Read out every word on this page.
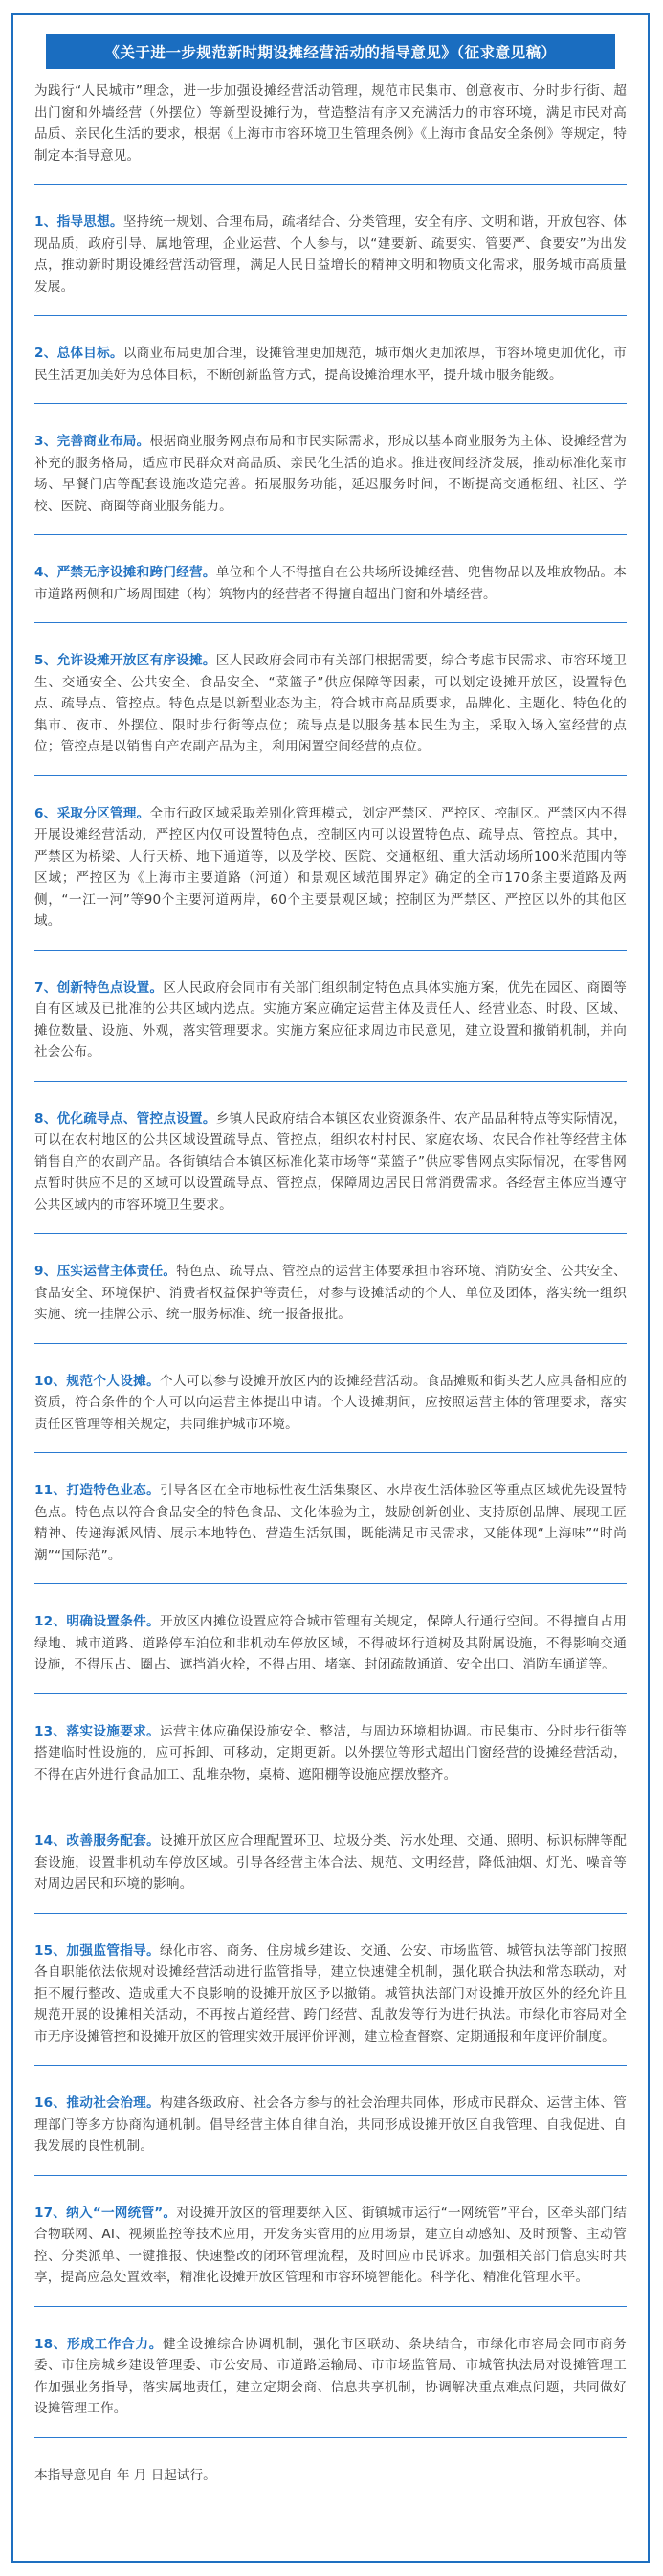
《关于进一步规范新时期设摊经营活动的指导意见》（征求意见稿）

为践行“人民城市”理念，进一步加强设摊经营活动管理，规范市民集市、创意夜市、分时步行街、超出门窗和外墙经营（外摆位）等新型设摊行为，营造整洁有序又充满活力的市容环境，满足市民对高品质、亲民化生活的要求，根据《上海市市容环境卫生管理条例》《上海市食品安全条例》等规定，特制定本指导意见。

1、指导思想。坚持统一规划、合理布局，疏堵结合、分类管理，安全有序、文明和谐，开放包容、体现品质，政府引导、属地管理，企业运营、个人参与，以“建要新、疏要实、管要严、食要安”为出发点，推动新时期设摊经营活动管理，满足人民日益增长的精神文明和物质文化需求，服务城市高质量发展。

2、总体目标。以商业布局更加合理，设摊管理更加规范，城市烟火更加浓厚，市容环境更加优化，市民生活更加美好为总体目标，不断创新监管方式，提高设摊治理水平，提升城市服务能级。

3、完善商业布局。根据商业服务网点布局和市民实际需求，形成以基本商业服务为主体、设摊经营为补充的服务格局，适应市民群众对高品质、亲民化生活的追求。推进夜间经济发展，推动标准化菜市场、早餐门店等配套设施改造完善。拓展服务功能，延迟服务时间，不断提高交通枢纽、社区、学校、医院、商圈等商业服务能力。

4、严禁无序设摊和跨门经营。单位和个人不得擅自在公共场所设摊经营、兜售物品以及堆放物品。本市道路两侧和广场周围建（构）筑物内的经营者不得擅自超出门窗和外墙经营。

5、允许设摊开放区有序设摊。区人民政府会同市有关部门根据需要，综合考虑市民需求、市容环境卫生、交通安全、公共安全、食品安全、“菜篮子”供应保障等因素，可以划定设摊开放区，设置特色点、疏导点、管控点。特色点是以新型业态为主，符合城市高品质要求，品牌化、主题化、特色化的集市、夜市、外摆位、限时步行街等点位；疏导点是以服务基本民生为主，采取入场入室经营的点位；管控点是以销售自产农副产品为主，利用闲置空间经营的点位。

6、采取分区管理。全市行政区域采取差别化管理模式，划定严禁区、严控区、控制区。严禁区内不得开展设摊经营活动，严控区内仅可设置特色点，控制区内可以设置特色点、疏导点、管控点。其中，严禁区为桥梁、人行天桥、地下通道等，以及学校、医院、交通枢纽、重大活动场所100米范围内等区域；严控区为《上海市主要道路（河道）和景观区域范围界定》确定的全市170条主要道路及两侧，“一江一河”等90个主要河道两岸，60个主要景观区域；控制区为严禁区、严控区以外的其他区域。

7、创新特色点设置。区人民政府会同市有关部门组织制定特色点具体实施方案，优先在园区、商圈等自有区域及已批准的公共区域内选点。实施方案应确定运营主体及责任人、经营业态、时段、区域、摊位数量、设施、外观，落实管理要求。实施方案应征求周边市民意见，建立设置和撤销机制，并向社会公布。

8、优化疏导点、管控点设置。乡镇人民政府结合本镇区农业资源条件、农产品品种特点等实际情况，可以在农村地区的公共区域设置疏导点、管控点，组织农村村民、家庭农场、农民合作社等经营主体销售自产的农副产品。各街镇结合本镇区标准化菜市场等“菜篮子”供应零售网点实际情况，在零售网点暂时供应不足的区域可以设置疏导点、管控点，保障周边居民日常消费需求。各经营主体应当遵守公共区域内的市容环境卫生要求。

9、压实运营主体责任。特色点、疏导点、管控点的运营主体要承担市容环境、消防安全、公共安全、食品安全、环境保护、消费者权益保护等责任，对参与设摊活动的个人、单位及团体，落实统一组织实施、统一挂牌公示、统一服务标准、统一报备报批。

10、规范个人设摊。个人可以参与设摊开放区内的设摊经营活动。食品摊贩和街头艺人应具备相应的资质，符合条件的个人可以向运营主体提出申请。个人设摊期间，应按照运营主体的管理要求，落实责任区管理等相关规定，共同维护城市环境。

11、打造特色业态。引导各区在全市地标性夜生活集聚区、水岸夜生活体验区等重点区域优先设置特色点。特色点以符合食品安全的特色食品、文化体验为主，鼓励创新创业、支持原创品牌、展现工匠精神、传递海派风情、展示本地特色、营造生活氛围，既能满足市民需求，又能体现“上海味”“时尚潮”“国际范”。

12、明确设置条件。开放区内摊位设置应符合城市管理有关规定，保障人行通行空间。不得擅自占用绿地、城市道路、道路停车泊位和非机动车停放区域，不得破坏行道树及其附属设施，不得影响交通设施，不得压占、圈占、遮挡消火栓，不得占用、堵塞、封闭疏散通道、安全出口、消防车通道等。

13、落实设施要求。运营主体应确保设施安全、整洁，与周边环境相协调。市民集市、分时步行街等搭建临时性设施的，应可拆卸、可移动，定期更新。以外摆位等形式超出门窗经营的设摊经营活动，不得在店外进行食品加工、乱堆杂物，桌椅、遮阳棚等设施应摆放整齐。

14、改善服务配套。设摊开放区应合理配置环卫、垃圾分类、污水处理、交通、照明、标识标牌等配套设施，设置非机动车停放区域。引导各经营主体合法、规范、文明经营，降低油烟、灯光、噪音等对周边居民和环境的影响。

15、加强监管指导。绿化市容、商务、住房城乡建设、交通、公安、市场监管、城管执法等部门按照各自职能依法依规对设摊经营活动进行监管指导，建立快速健全机制，强化联合执法和常态联动，对拒不履行整改、造成重大不良影响的设摊开放区予以撤销。城管执法部门对设摊开放区外的经允许且规范开展的设摊相关活动，不再按占道经营、跨门经营、乱散发等行为进行执法。市绿化市容局对全市无序设摊管控和设摊开放区的管理实效开展评价评测，建立检查督察、定期通报和年度评价制度。

16、推动社会治理。构建各级政府、社会各方参与的社会治理共同体，形成市民群众、运营主体、管理部门等多方协商沟通机制。倡导经营主体自律自治，共同形成设摊开放区自我管理、自我促进、自我发展的良性机制。

17、纳入“一网统管”。对设摊开放区的管理要纳入区、街镇城市运行“一网统管”平台，区牵头部门结合物联网、AI、视频监控等技术应用，开发务实管用的应用场景，建立自动感知、及时预警、主动管控、分类派单、一键推报、快速整改的闭环管理流程，及时回应市民诉求。加强相关部门信息实时共享，提高应急处置效率，精准化设摊开放区管理和市容环境智能化。科学化、精准化管理水平。

18、形成工作合力。健全设摊综合协调机制，强化市区联动、条块结合，市绿化市容局会同市商务委、市住房城乡建设管理委、市公安局、市道路运输局、市市场监管局、市城管执法局对设摊管理工作加强业务指导，落实属地责任，建立定期会商、信息共享机制，协调解决重点难点问题，共同做好设摊管理工作。

本指导意见自 年 月 日起试行。
